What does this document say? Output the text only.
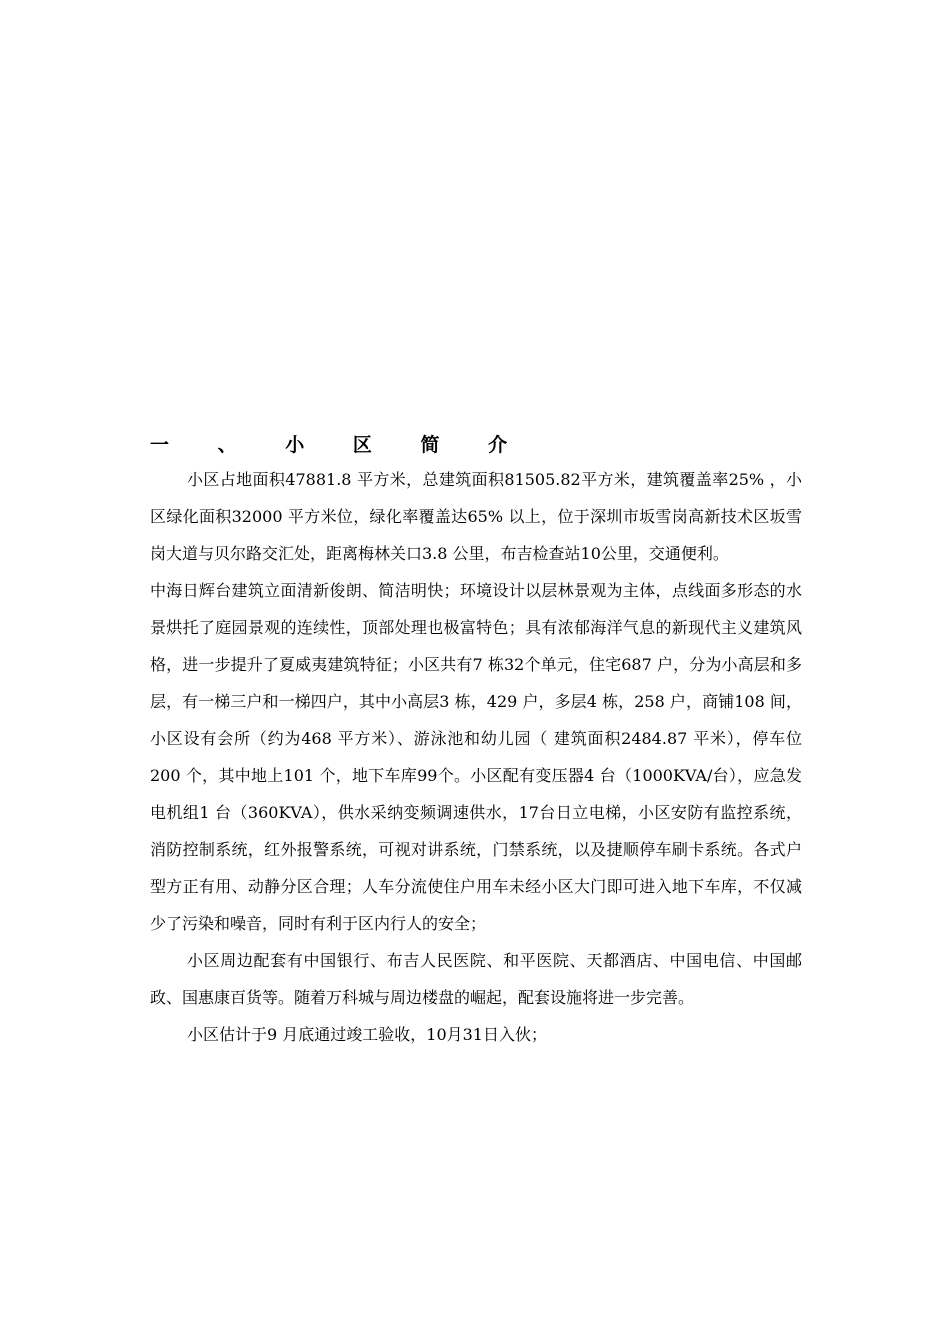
一 、 小 区 简 介

小区占地面积47881.8 平方米，总建筑面积81505.82平方米，建筑覆盖率25% ，小区绿化面积32000 平方米位，绿化率覆盖达65% 以上，位于深圳市坂雪岗高新技术区坂雪岗大道与贝尔路交汇处，距离梅林关口3.8 公里，布吉检查站10公里，交通便利。

中海日辉台建筑立面清新俊朗、简洁明快；环境设计以层林景观为主体，点线面多形态的水景烘托了庭园景观的连续性，顶部处理也极富特色；具有浓郁海洋气息的新现代主义建筑风格，进一步提升了夏威夷建筑特征；小区共有7 栋32个单元，住宅687 户，分为小高层和多层，有一梯三户和一梯四户，其中小高层3 栋，429 户，多层4 栋，258 户，商铺108 间，小区设有会所（约为468 平方米）、游泳池和幼儿园（ 建筑面积2484.87 平米），停车位200 个，其中地上101 个，地下车库99个。小区配有变压器4 台（1000KVA/台），应急发电机组1 台（360KVA），供水采纳变频调速供水，17台日立电梯，小区安防有监控系统，消防控制系统，红外报警系统，可视对讲系统，门禁系统，以及捷顺停车刷卡系统。各式户型方正有用、动静分区合理；人车分流使住户用车未经小区大门即可进入地下车库，不仅减少了污染和噪音，同时有利于区内行人的安全；

小区周边配套有中国银行、布吉人民医院、和平医院、天都酒店、中国电信、中国邮政、国惠康百货等。随着万科城与周边楼盘的崛起，配套设施将进一步完善。

小区估计于9 月底通过竣工验收，10月31日入伙；
